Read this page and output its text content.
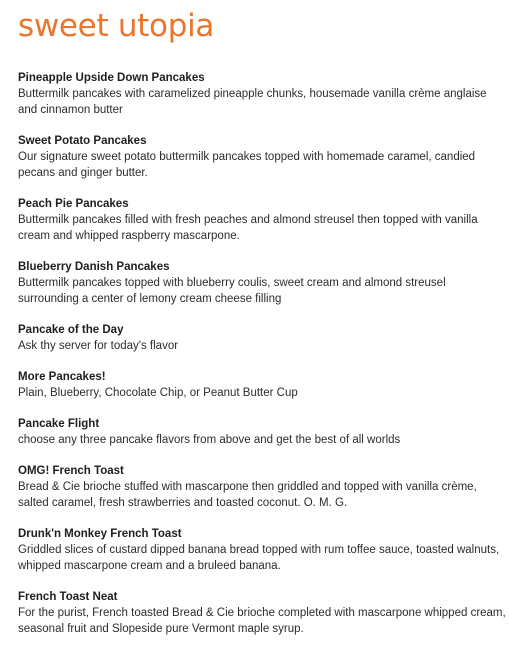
sweet utopia
Pineapple Upside Down Pancakes
Buttermilk pancakes with caramelized pineapple chunks, housemade vanilla crème anglaise and cinnamon butter
Sweet Potato Pancakes
Our signature sweet potato buttermilk pancakes topped with homemade caramel, candied pecans and ginger butter.
Peach Pie Pancakes
Buttermilk pancakes filled with fresh peaches and almond streusel then topped with vanilla cream and whipped raspberry mascarpone.
Blueberry Danish Pancakes
Buttermilk pancakes topped with blueberry coulis, sweet cream and almond streusel surrounding a center of lemony cream cheese filling
Pancake of the Day
Ask thy server for today's flavor
More Pancakes!
Plain, Blueberry, Chocolate Chip, or Peanut Butter Cup
Pancake Flight
choose any three pancake flavors from above and get the best of all worlds
OMG! French Toast
Bread & Cie brioche stuffed with mascarpone then griddled and topped with vanilla crème, salted caramel, fresh strawberries and toasted coconut. O. M. G.
Drunk'n Monkey French Toast
Griddled slices of custard dipped banana bread topped with rum toffee sauce, toasted walnuts, whipped mascarpone cream and a bruleed banana.
French Toast Neat
For the purist, French toasted Bread & Cie brioche completed with mascarpone whipped cream, seasonal fruit and Slopeside pure Vermont maple syrup.
